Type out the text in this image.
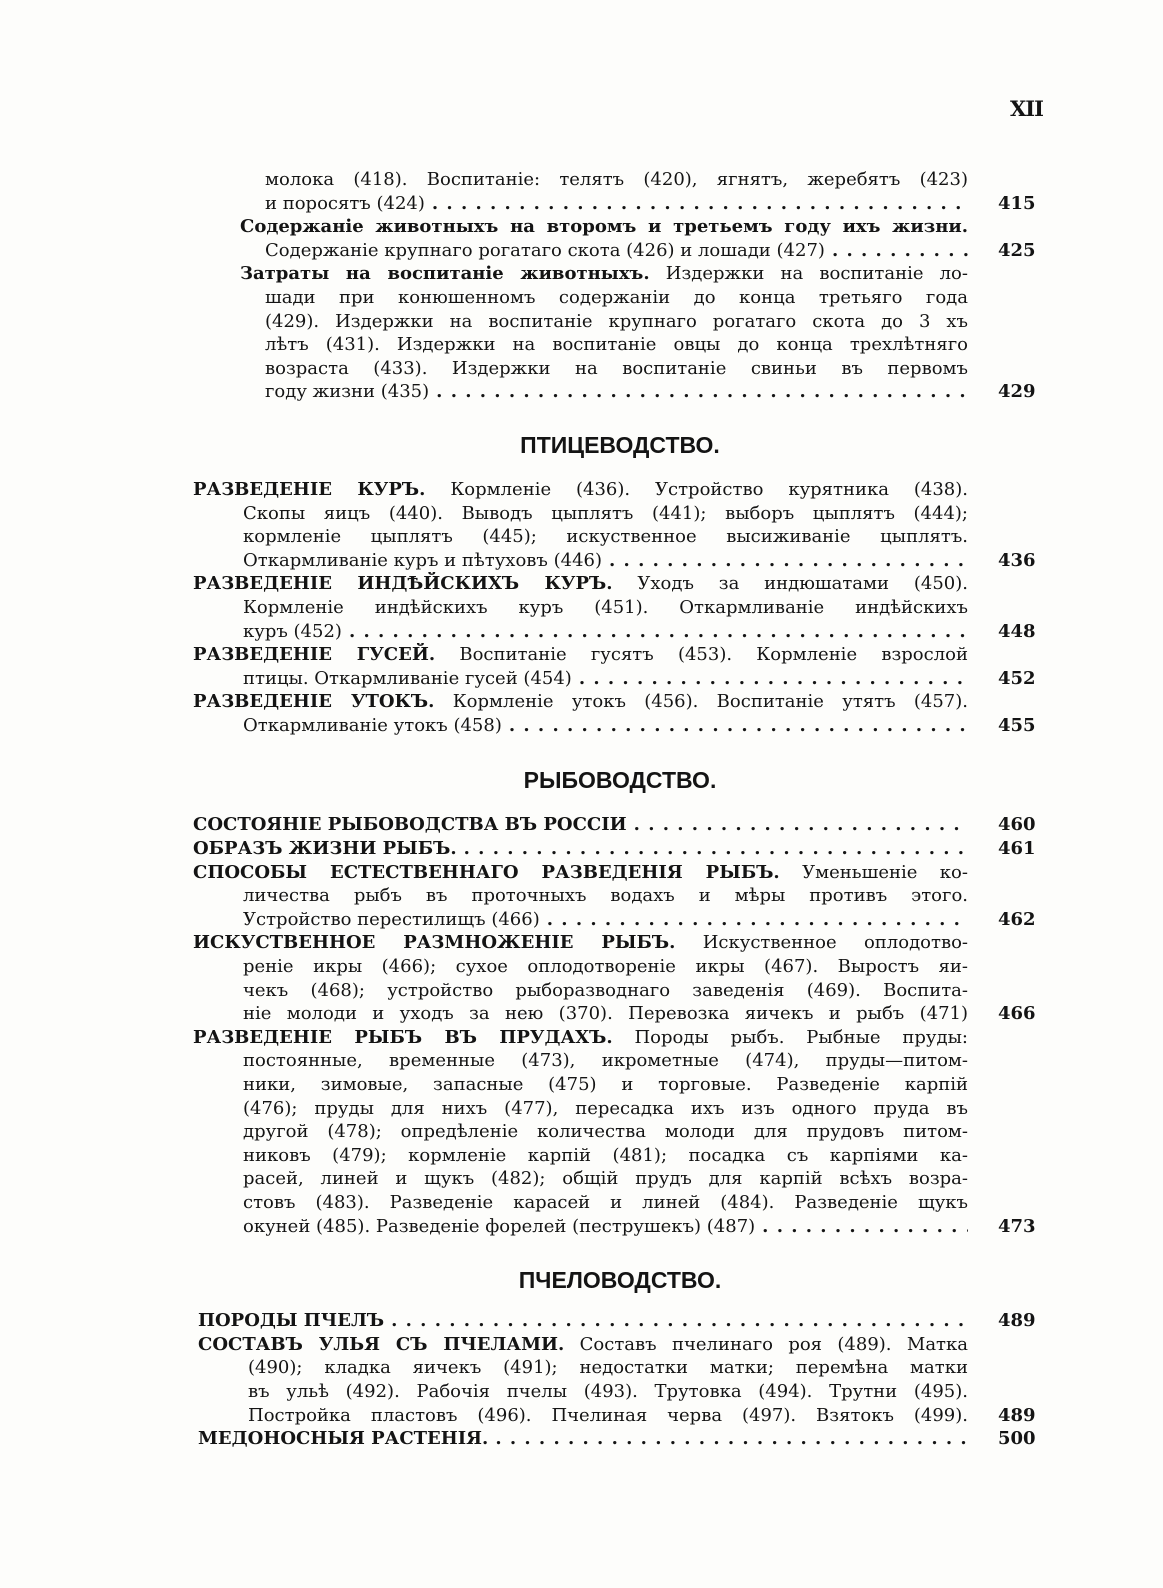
XII
молока (418). Воспитаніе: телятъ (420), ягнятъ, жеребятъ (423)
и поросятъ (424) . . .	415
Содержаніе животныхъ на второмъ и третьемъ году ихъ жизни.
Содержаніе крупнаго рогатаго скота (426) и лошади (427) . . .	425
Затраты на воспитаніе животныхъ. Издержки на воспитаніе ло-
шади при конюшенномъ содержаніи до конца третьяго года
(429). Издержки на воспитаніе крупнаго рогатаго скота до 3 хъ
лѣтъ (431). Издержки на воспитаніе овцы до конца трехлѣтняго
возраста (433). Издержки на воспитаніе свиньи въ первомъ
году жизни (435) . . .	429
ПТИЦЕВОДСТВО.
РАЗВЕДЕНІЕ КУРЪ. Кормленіе (436). Устройство курятника (438).
Скопы яицъ (440). Выводъ цыплятъ (441); выборъ цыплятъ (444);
кормленіе цыплятъ (445); искуственное высиживаніе цыплятъ.
Откармливаніе куръ и пѣтуховъ (446) . . .	436
РАЗВЕДЕНІЕ ИНДѢЙСКИХЪ КУРЪ. Уходъ за индюшатами (450).
Кормленіе индѣйскихъ куръ (451). Откармливаніе индѣйскихъ
куръ (452) . . .	448
РАЗВЕДЕНІЕ ГУСЕЙ. Воспитаніе гусятъ (453). Кормленіе взрослой
птицы. Откармливаніе гусей (454) . . .	452
РАЗВЕДЕНІЕ УТОКЪ. Кормленіе утокъ (456). Воспитаніе утятъ (457).
Откармливаніе утокъ (458) . . .	455
РЫБОВОДСТВО.
СОСТОЯНІЕ РЫБОВОДСТВА ВЪ РОССІИ . . .	460
ОБРАЗЪ ЖИЗНИ РЫБЪ. . . .	461
СПОСОБЫ ЕСТЕСТВЕННАГО РАЗВЕДЕНІЯ РЫБЪ. Уменьшеніе ко-
личества рыбъ въ проточныхъ водахъ и мѣры противъ этого.
Устройство перестилищъ (466) . . .	462
ИСКУСТВЕННОЕ РАЗМНОЖЕНІЕ РЫБЪ. Искуственное оплодотво-
реніе икры (466); сухое оплодотвореніе икры (467). Выростъ яи-
чекъ (468); устройство рыборазводнаго заведенія (469). Воспита-
ніе молоди и уходъ за нею (370). Перевозка яичекъ и рыбъ (471) 466
РАЗВЕДЕНІЕ РЫБЪ ВЪ ПРУДАХЪ. Породы рыбъ. Рыбные пруды:
постоянные, временные (473), икрометные (474), пруды—питом-
ники, зимовые, запасные (475) и торговые. Разведеніе карпій
(476); пруды для нихъ (477), пересадка ихъ изъ одного пруда въ
другой (478); опредѣленіе количества молоди для прудовъ питом-
никовъ (479); кормленіе карпій (481); посадка съ карпіями ка-
расей, линей и щукъ (482); общій прудъ для карпій всѣхъ возра-
стовъ (483). Разведеніе карасей и линей (484). Разведеніе щукъ
окуней (485). Разведеніе форелей (пеструшекъ) (487) . . .	473
ПЧЕЛОВОДСТВО.
ПОРОДЫ ПЧЕЛЪ . . .	489
СОСТАВЪ УЛЬЯ СЪ ПЧЕЛАМИ. Составъ пчелинаго роя (489). Матка
(490); кладка яичекъ (491); недостатки матки; перемѣна матки
въ ульѣ (492). Рабочія пчелы (493). Трутовка (494). Трутни (495).
Постройка пластовъ (496). Пчелиная черва (497). Взятокъ (499). 489
МЕДОНОСНЫЯ РАСТЕНІЯ. . . .	500
